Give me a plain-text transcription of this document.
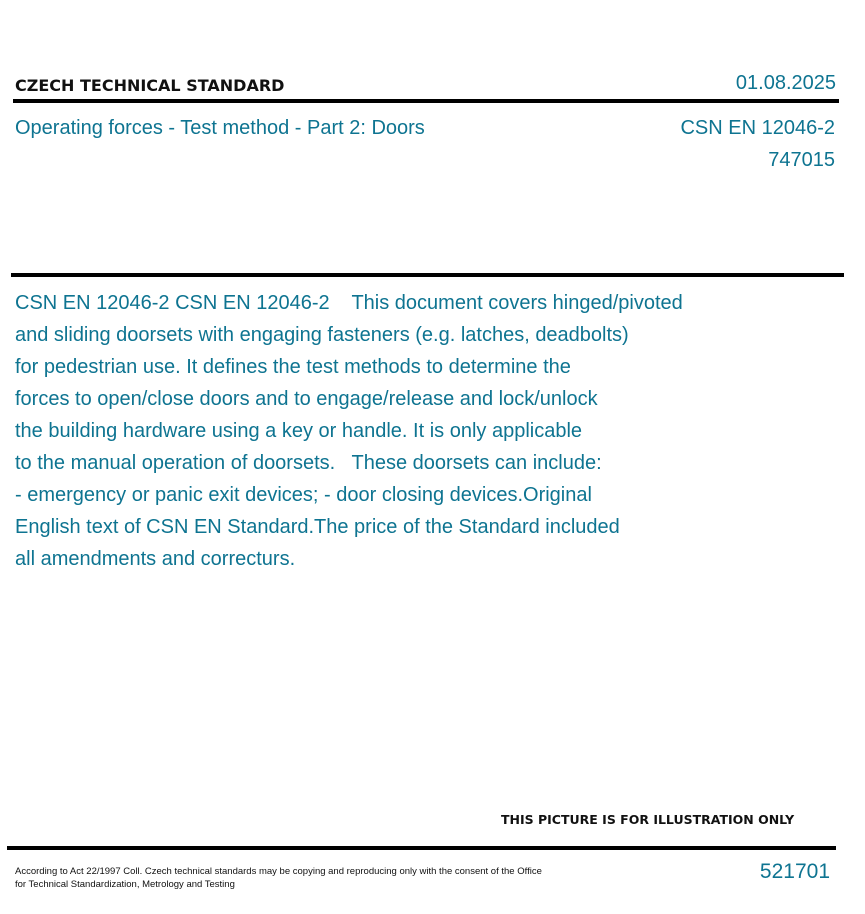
CZECH TECHNICAL STANDARD	01.08.2025
Operating forces - Test method - Part 2: Doors	CSN EN 12046-2
747015
CSN EN 12046-2 CSN EN 12046-2    This document covers hinged/pivoted
and sliding doorsets with engaging fasteners (e.g. latches, deadbolts)
for pedestrian use. It defines the test methods to determine the
forces to open/close doors and to engage/release and lock/unlock
the building hardware using a key or handle. It is only applicable
to the manual operation of doorsets.   These doorsets can include:
- emergency or panic exit devices; - door closing devices.Original
English text of CSN EN Standard.The price of the Standard included
all amendments and correcturs.
THIS PICTURE IS FOR ILLUSTRATION ONLY
According to Act 22/1997 Coll. Czech technical standards may be copying and reproducing only with the consent of the Office
for Technical Standardization, Metrology and Testing
521701
